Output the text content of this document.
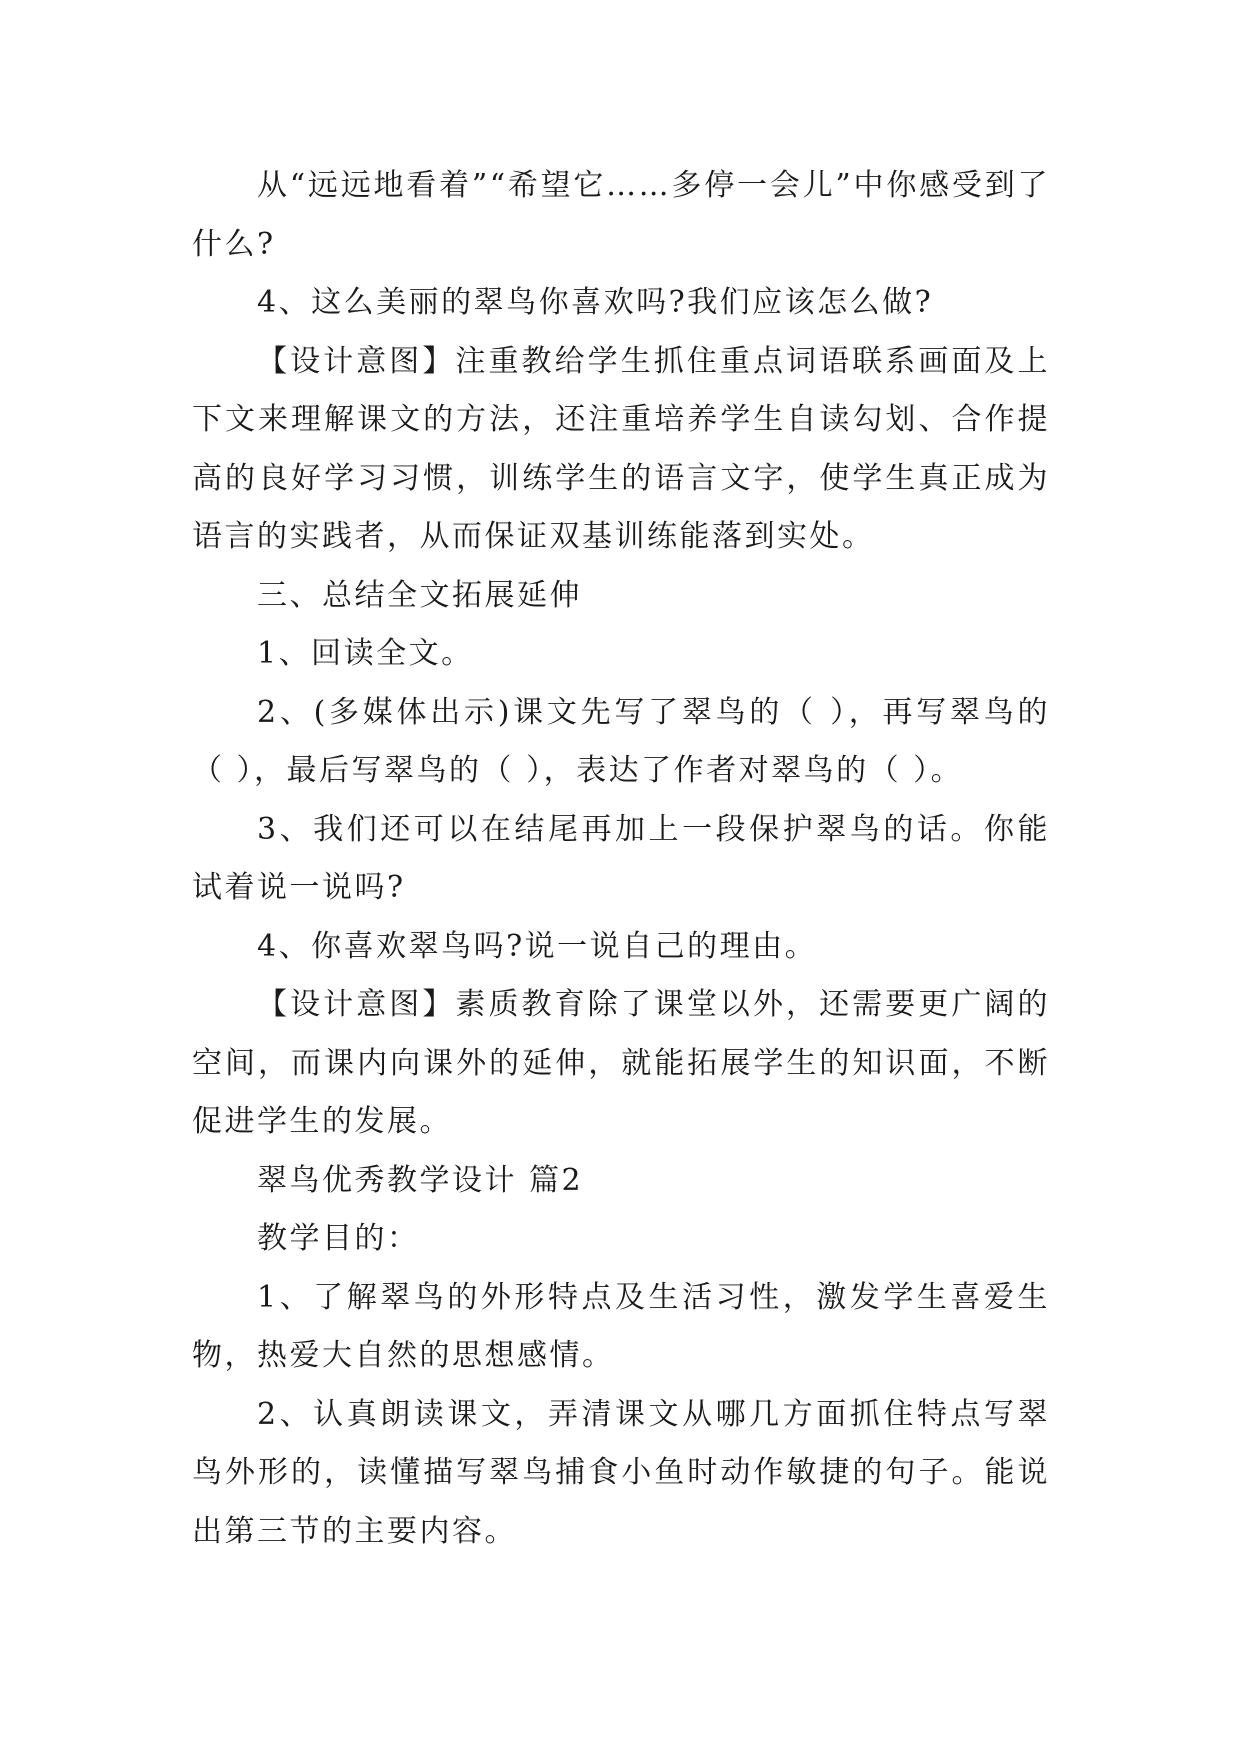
从“远远地看着”“希望它……多停一会儿”中你感受到了什么?

4、这么美丽的翠鸟你喜欢吗?我们应该怎么做?

【设计意图】注重教给学生抓住重点词语联系画面及上下文来理解课文的方法，还注重培养学生自读勾划、合作提高的良好学习习惯，训练学生的语言文字，使学生真正成为语言的实践者，从而保证双基训练能落到实处。

三、总结全文拓展延伸

1、回读全文。

2、(多媒体出示)课文先写了翠鸟的（ ），再写翠鸟的（ ），最后写翠鸟的（ ），表达了作者对翠鸟的（ ）。

3、我们还可以在结尾再加上一段保护翠鸟的话。你能试着说一说吗?

4、你喜欢翠鸟吗?说一说自己的理由。

【设计意图】素质教育除了课堂以外，还需要更广阔的空间，而课内向课外的延伸，就能拓展学生的知识面，不断促进学生的发展。

翠鸟优秀教学设计 篇2

教学目的：

1、了解翠鸟的外形特点及生活习性，激发学生喜爱生物，热爱大自然的思想感情。

2、认真朗读课文，弄清课文从哪几方面抓住特点写翠鸟外形的，读懂描写翠鸟捕食小鱼时动作敏捷的句子。能说出第三节的主要内容。
